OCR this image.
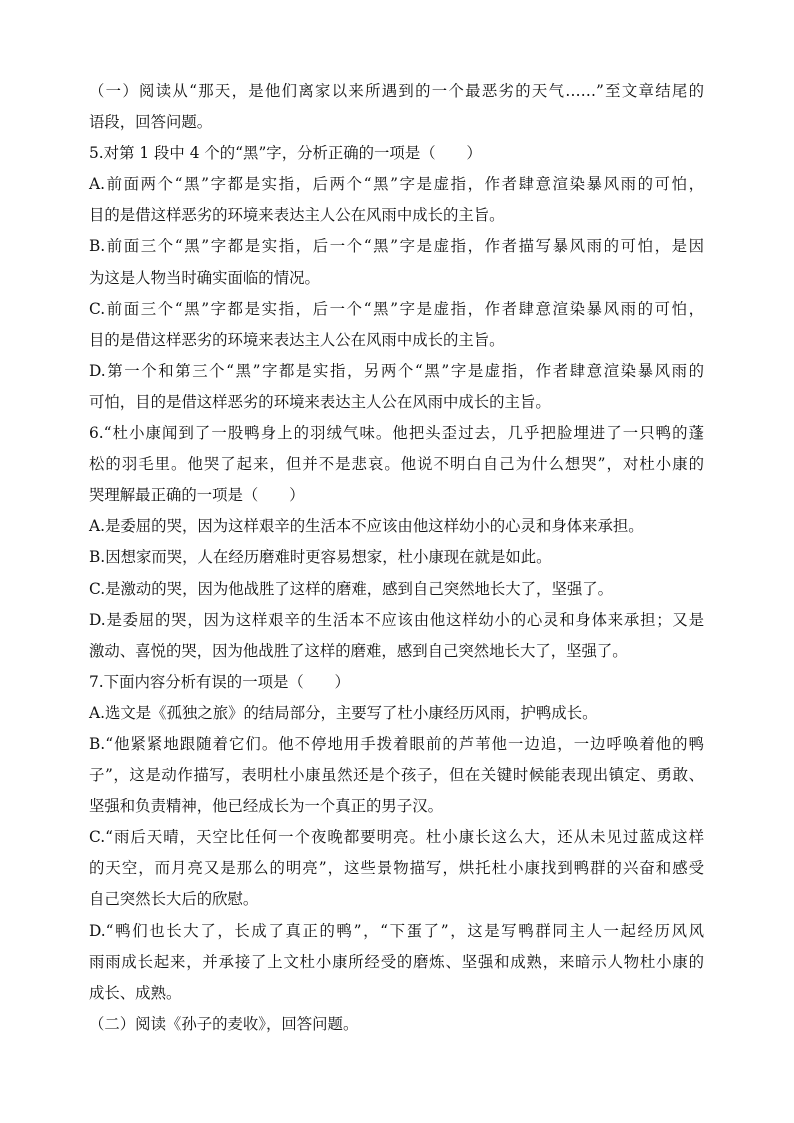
（一）阅读从“那天，是他们离家以来所遇到的一个最恶劣的天气……”至文章结尾的
语段，回答问题。
5.对第 1 段中 4 个的“黑”字，分析正确的一项是（　　）
A.前面两个“黑”字都是实指，后两个“黑”字是虚指，作者肆意渲染暴风雨的可怕，
目的是借这样恶劣的环境来表达主人公在风雨中成长的主旨。
B.前面三个“黑”字都是实指，后一个“黑”字是虚指，作者描写暴风雨的可怕，是因
为这是人物当时确实面临的情况。
C.前面三个“黑”字都是实指，后一个“黑”字是虚指，作者肆意渲染暴风雨的可怕，
目的是借这样恶劣的环境来表达主人公在风雨中成长的主旨。
D.第一个和第三个“黑”字都是实指，另两个“黑”字是虚指，作者肆意渲染暴风雨的
可怕，目的是借这样恶劣的环境来表达主人公在风雨中成长的主旨。
6.“杜小康闻到了一股鸭身上的羽绒气味。他把头歪过去，几乎把脸埋进了一只鸭的蓬
松的羽毛里。他哭了起来，但并不是悲哀。他说不明白自己为什么想哭”，对杜小康的
哭理解最正确的一项是（　　）
A.是委屈的哭，因为这样艰辛的生活本不应该由他这样幼小的心灵和身体来承担。
B.因想家而哭，人在经历磨难时更容易想家，杜小康现在就是如此。
C.是激动的哭，因为他战胜了这样的磨难，感到自己突然地长大了，坚强了。
D.是委屈的哭，因为这样艰辛的生活本不应该由他这样幼小的心灵和身体来承担；又是
激动、喜悦的哭，因为他战胜了这样的磨难，感到自己突然地长大了，坚强了。
7.下面内容分析有误的一项是（　　）
A.选文是《孤独之旅》的结局部分，主要写了杜小康经历风雨，护鸭成长。
B.“他紧紧地跟随着它们。他不停地用手拨着眼前的芦苇他一边追，一边呼唤着他的鸭
子”，这是动作描写，表明杜小康虽然还是个孩子，但在关键时候能表现出镇定、勇敢、
坚强和负责精神，他已经成长为一个真正的男子汉。
C.“雨后天晴，天空比任何一个夜晚都要明亮。杜小康长这么大，还从未见过蓝成这样
的天空，而月亮又是那么的明亮”，这些景物描写，烘托杜小康找到鸭群的兴奋和感受
自己突然长大后的欣慰。
D.“鸭们也长大了，长成了真正的鸭”，“下蛋了”，这是写鸭群同主人一起经历风风
雨雨成长起来，并承接了上文杜小康所经受的磨炼、坚强和成熟，来暗示人物杜小康的
成长、成熟。
（二）阅读《孙子的麦收》，回答问题。
